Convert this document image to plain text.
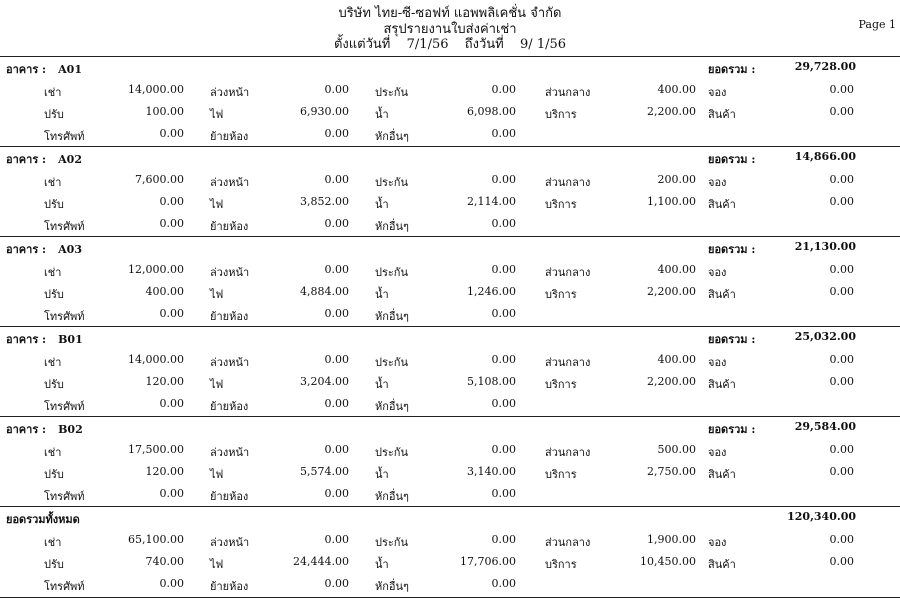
บริษัท ไทย-ซี-ซอฟท์ แอพพลิเคชั่น จำกัด
สรุปรายงานใบส่งค่าเช่า
ตั้งแต่วันที่ 7/1/56 ถึงวันที่ 9/ 1/56
Page 1
อาคาร : A01	ยอดรวม :	29,728.00
เช่า	14,000.00 ล่วงหน้า	0.00 ประกัน	0.00	ส่วนกลาง	400.00 จอง	0.00
ปรับ	100.00 ไฟ	6,930.00 น้ำ	6,098.00	บริการ	2,200.00 สินค้า	0.00
โทรศัพท์	0.00 ย้ายห้อง	0.00 หักอื่นๆ	0.00
อาคาร : A02	ยอดรวม :	14,866.00
เช่า	7,600.00 ล่วงหน้า	0.00 ประกัน	0.00	ส่วนกลาง	200.00 จอง	0.00
ปรับ	0.00 ไฟ	3,852.00 น้ำ	2,114.00	บริการ	1,100.00 สินค้า	0.00
โทรศัพท์	0.00 ย้ายห้อง	0.00 หักอื่นๆ	0.00
อาคาร : A03	ยอดรวม :	21,130.00
เช่า	12,000.00 ล่วงหน้า	0.00 ประกัน	0.00	ส่วนกลาง	400.00 จอง	0.00
ปรับ	400.00 ไฟ	4,884.00 น้ำ	1,246.00	บริการ	2,200.00 สินค้า	0.00
โทรศัพท์	0.00 ย้ายห้อง	0.00 หักอื่นๆ	0.00
อาคาร : B01	ยอดรวม :	25,032.00
เช่า	14,000.00 ล่วงหน้า	0.00 ประกัน	0.00	ส่วนกลาง	400.00 จอง	0.00
ปรับ	120.00 ไฟ	3,204.00 น้ำ	5,108.00	บริการ	2,200.00 สินค้า	0.00
โทรศัพท์	0.00 ย้ายห้อง	0.00 หักอื่นๆ	0.00
อาคาร : B02	ยอดรวม :	29,584.00
เช่า	17,500.00 ล่วงหน้า	0.00 ประกัน	0.00	ส่วนกลาง	500.00 จอง	0.00
ปรับ	120.00 ไฟ	5,574.00 น้ำ	3,140.00	บริการ	2,750.00 สินค้า	0.00
โทรศัพท์	0.00 ย้ายห้อง	0.00 หักอื่นๆ	0.00
ยอดรวมทั้งหมด	120,340.00
เช่า	65,100.00 ล่วงหน้า	0.00 ประกัน	0.00	ส่วนกลาง	1,900.00 จอง	0.00
ปรับ	740.00 ไฟ	24,444.00 น้ำ	17,706.00	บริการ	10,450.00 สินค้า	0.00
โทรศัพท์	0.00 ย้ายห้อง	0.00 หักอื่นๆ	0.00
